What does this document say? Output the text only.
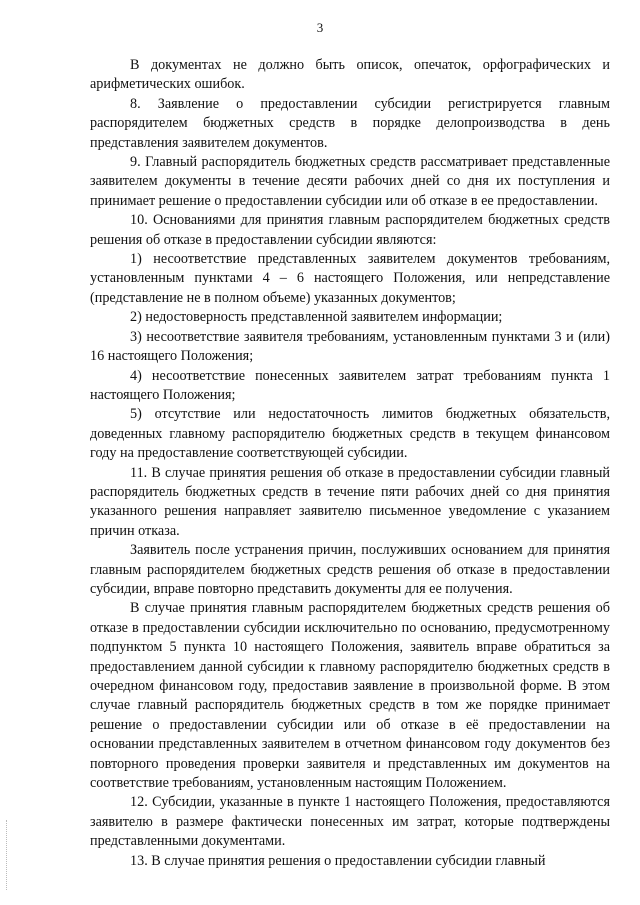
3

В документах не должно быть описок, опечаток, орфографических и арифметических ошибок.

8. Заявление о предоставлении субсидии регистрируется главным распорядителем бюджетных средств в порядке делопроизводства в день представления заявителем документов.

9. Главный распорядитель бюджетных средств рассматривает представленные заявителем документы в течение десяти рабочих дней со дня их поступления и принимает решение о предоставлении субсидии или об отказе в ее предоставлении.

10. Основаниями для принятия главным распорядителем бюджетных средств решения об отказе в предоставлении субсидии являются:

1) несоответствие представленных заявителем документов требованиям, установленным пунктами 4 – 6 настоящего Положения, или непредставление (представление не в полном объеме) указанных документов;

2) недостоверность представленной заявителем информации;

3) несоответствие заявителя требованиям, установленным пунктами 3 и (или) 16 настоящего Положения;

4) несоответствие понесенных заявителем затрат требованиям пункта 1 настоящего Положения;

5) отсутствие или недостаточность лимитов бюджетных обязательств, доведенных главному распорядителю бюджетных средств в текущем финансовом году на предоставление соответствующей субсидии.

11. В случае принятия решения об отказе в предоставлении субсидии главный распорядитель бюджетных средств в течение пяти рабочих дней со дня принятия указанного решения направляет заявителю письменное уведомление с указанием причин отказа.

Заявитель после устранения причин, послуживших основанием для принятия главным распорядителем бюджетных средств решения об отказе в предоставлении субсидии, вправе повторно представить документы для ее получения.

В случае принятия главным распорядителем бюджетных средств решения об отказе в предоставлении субсидии исключительно по основанию, предусмотренному подпунктом 5 пункта 10 настоящего Положения, заявитель вправе обратиться за предоставлением данной субсидии к главному распорядителю бюджетных средств в очередном финансовом году, предоставив заявление в произвольной форме. В этом случае главный распорядитель бюджетных средств в том же порядке принимает решение о предоставлении субсидии или об отказе в её предоставлении на основании представленных заявителем в отчетном финансовом году документов без повторного проведения проверки заявителя и представленных им документов на соответствие требованиям, установленным настоящим Положением.

12. Субсидии, указанные в пункте 1 настоящего Положения, предоставляются заявителю в размере фактически понесенных им затрат, которые подтверждены представленными документами.

13. В случае принятия решения о предоставлении субсидии главный
